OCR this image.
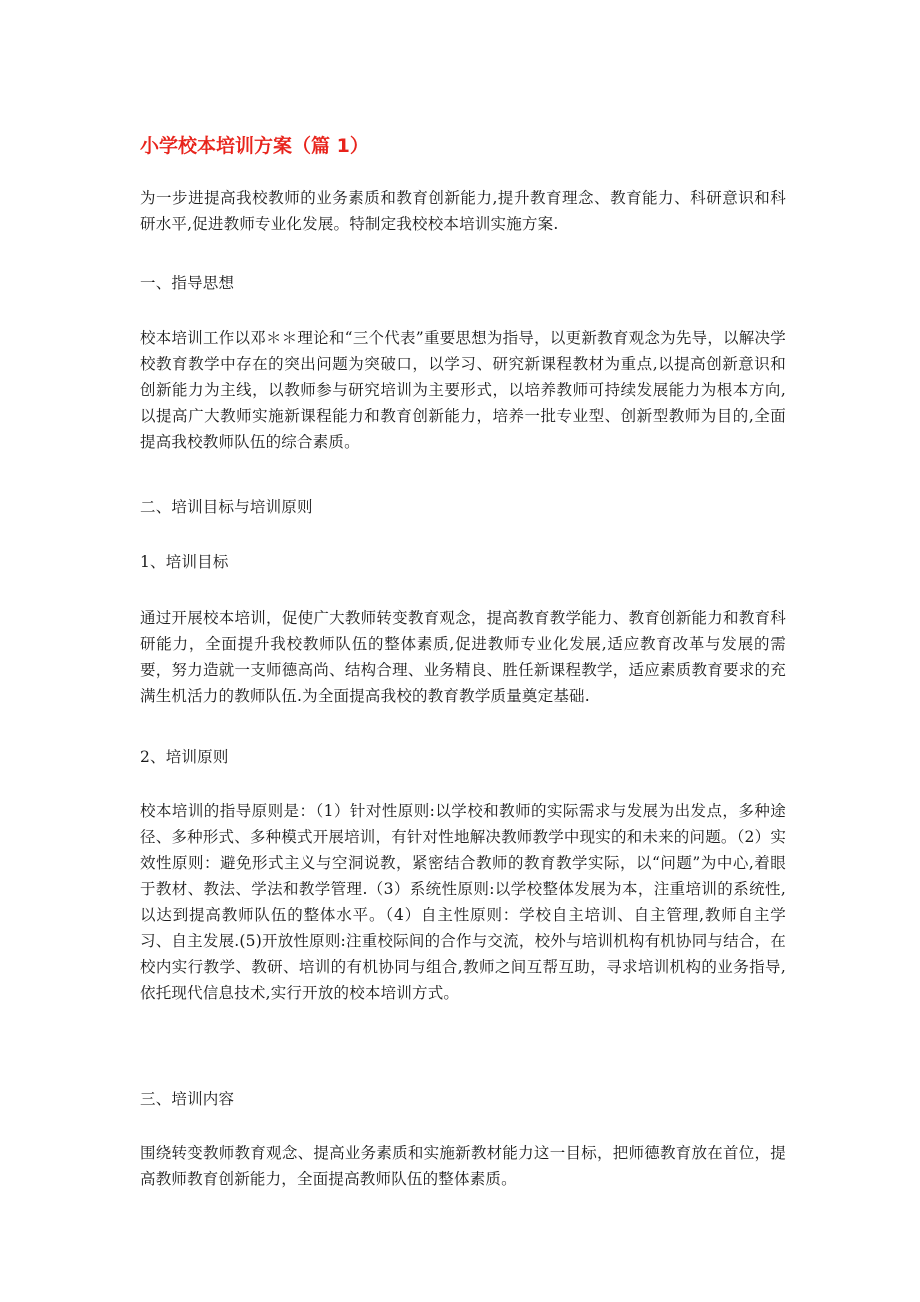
小学校本培训方案（篇 1）

为一步进提高我校教师的业务素质和教育创新能力,提升教育理念、教育能力、科研意识和科研水平,促进教师专业化发展。特制定我校校本培训实施方案.

一、指导思想

校本培训工作以邓＊＊理论和“三个代表”重要思想为指导，以更新教育观念为先导，以解决学校教育教学中存在的突出问题为突破口，以学习、研究新课程教材为重点,以提高创新意识和创新能力为主线，以教师参与研究培训为主要形式，以培养教师可持续发展能力为根本方向,以提高广大教师实施新课程能力和教育创新能力，培养一批专业型、创新型教师为目的,全面提高我校教师队伍的综合素质。

二、培训目标与培训原则

1、培训目标

通过开展校本培训，促使广大教师转变教育观念，提高教育教学能力、教育创新能力和教育科研能力，全面提升我校教师队伍的整体素质,促进教师专业化发展,适应教育改革与发展的需要，努力造就一支师德高尚、结构合理、业务精良、胜任新课程教学，适应素质教育要求的充满生机活力的教师队伍.为全面提高我校的教育教学质量奠定基础.

2、培训原则

校本培训的指导原则是：（1）针对性原则:以学校和教师的实际需求与发展为出发点，多种途径、多种形式、多种模式开展培训，有针对性地解决教师教学中现实的和未来的问题。（2）实效性原则：避免形式主义与空洞说教，紧密结合教师的教育教学实际，以“问题”为中心,着眼于教材、教法、学法和教学管理.（3）系统性原则:以学校整体发展为本，注重培训的系统性,以达到提高教师队伍的整体水平。（4）自主性原则：学校自主培训、自主管理,教师自主学习、自主发展.(5)开放性原则:注重校际间的合作与交流，校外与培训机构有机协同与结合，在校内实行教学、教研、培训的有机协同与组合,教师之间互帮互助，寻求培训机构的业务指导,依托现代信息技术,实行开放的校本培训方式。

三、培训内容

围绕转变教师教育观念、提高业务素质和实施新教材能力这一目标，把师德教育放在首位，提高教师教育创新能力，全面提高教师队伍的整体素质。
